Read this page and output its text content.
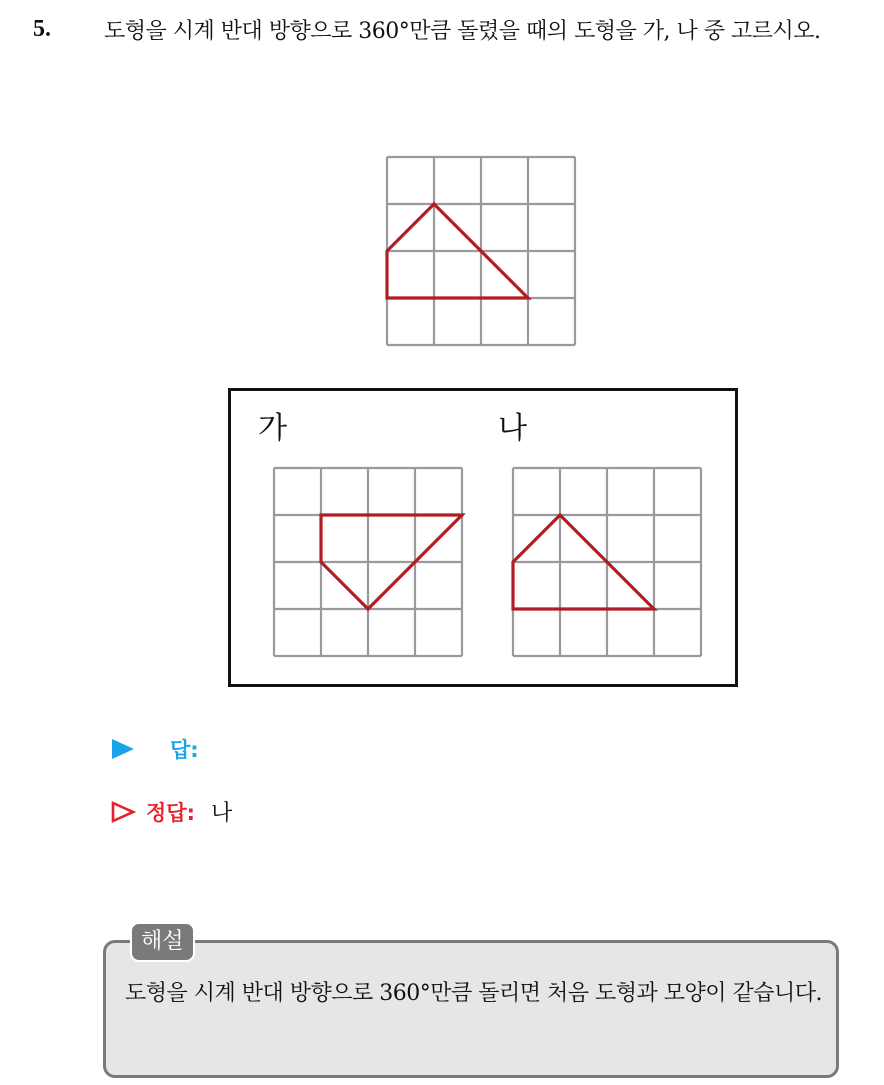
5. 도형을 시계 반대 방향으로 360°만큼 돌렸을 때의 도형을 가, 나 중 고르시오.
가	나
답:
정답: 나
해설
도형을 시계 반대 방향으로 360°만큼 돌리면 처음 도형과 모양이 같습니다.
